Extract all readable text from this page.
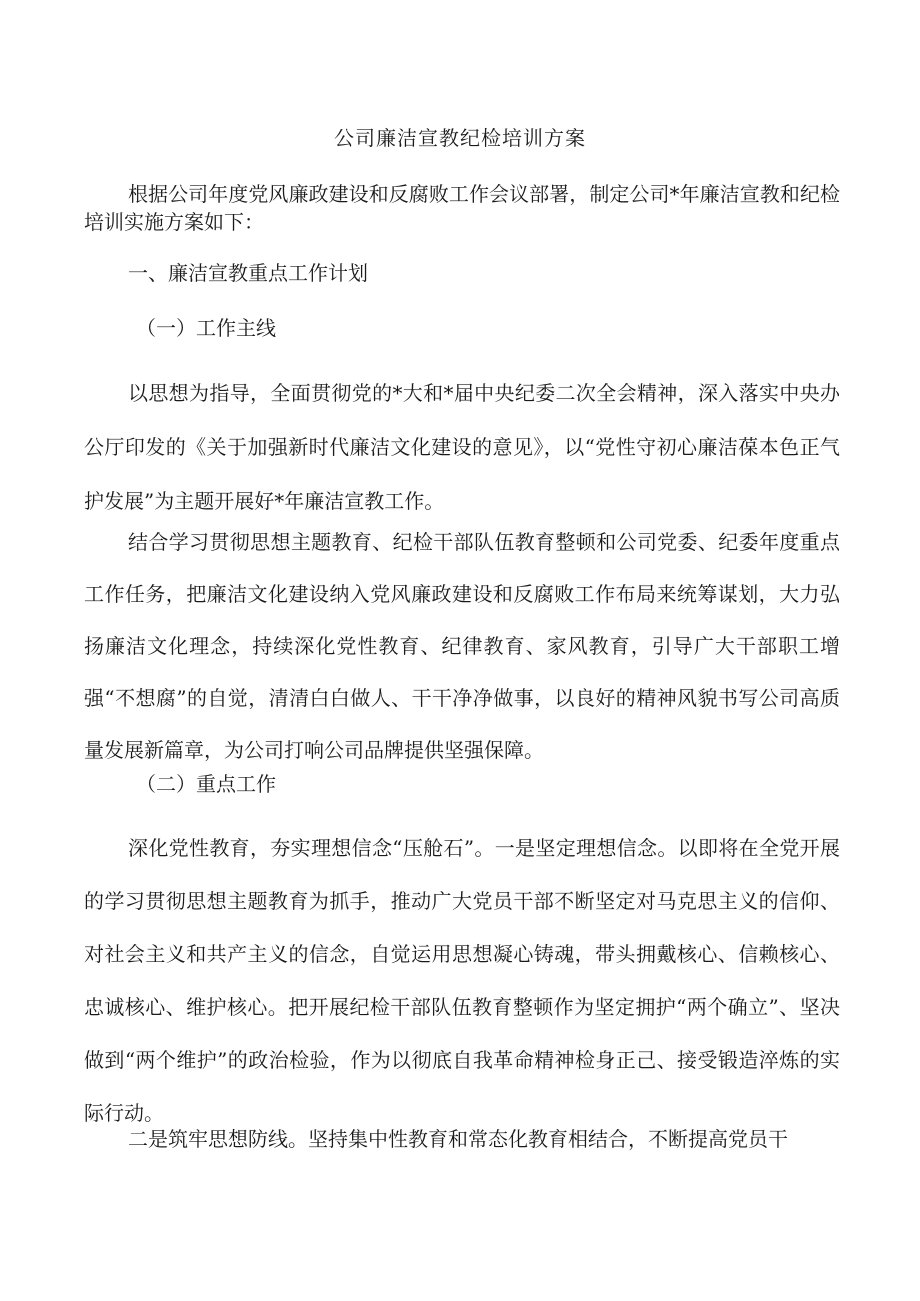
公司廉洁宣教纪检培训方案

根据公司年度党风廉政建设和反腐败工作会议部署，制定公司*年廉洁宣教和纪检培训实施方案如下：

一、廉洁宣教重点工作计划

（一）工作主线

以思想为指导，全面贯彻党的*大和*届中央纪委二次全会精神，深入落实中央办公厅印发的《关于加强新时代廉洁文化建设的意见》，以“党性守初心廉洁葆本色正气护发展”为主题开展好*年廉洁宣教工作。

结合学习贯彻思想主题教育、纪检干部队伍教育整顿和公司党委、纪委年度重点工作任务，把廉洁文化建设纳入党风廉政建设和反腐败工作布局来统筹谋划，大力弘扬廉洁文化理念，持续深化党性教育、纪律教育、家风教育，引导广大干部职工增强“不想腐”的自觉，清清白白做人、干干净净做事，以良好的精神风貌书写公司高质量发展新篇章，为公司打响公司品牌提供坚强保障。

（二）重点工作

深化党性教育，夯实理想信念“压舱石”。一是坚定理想信念。以即将在全党开展的学习贯彻思想主题教育为抓手，推动广大党员干部不断坚定对马克思主义的信仰、对社会主义和共产主义的信念，自觉运用思想凝心铸魂，带头拥戴核心、信赖核心、忠诚核心、维护核心。把开展纪检干部队伍教育整顿作为坚定拥护“两个确立”、坚决做到“两个维护”的政治检验，作为以彻底自我革命精神检身正己、接受锻造淬炼的实际行动。

二是筑牢思想防线。坚持集中性教育和常态化教育相结合，不断提高党员干
